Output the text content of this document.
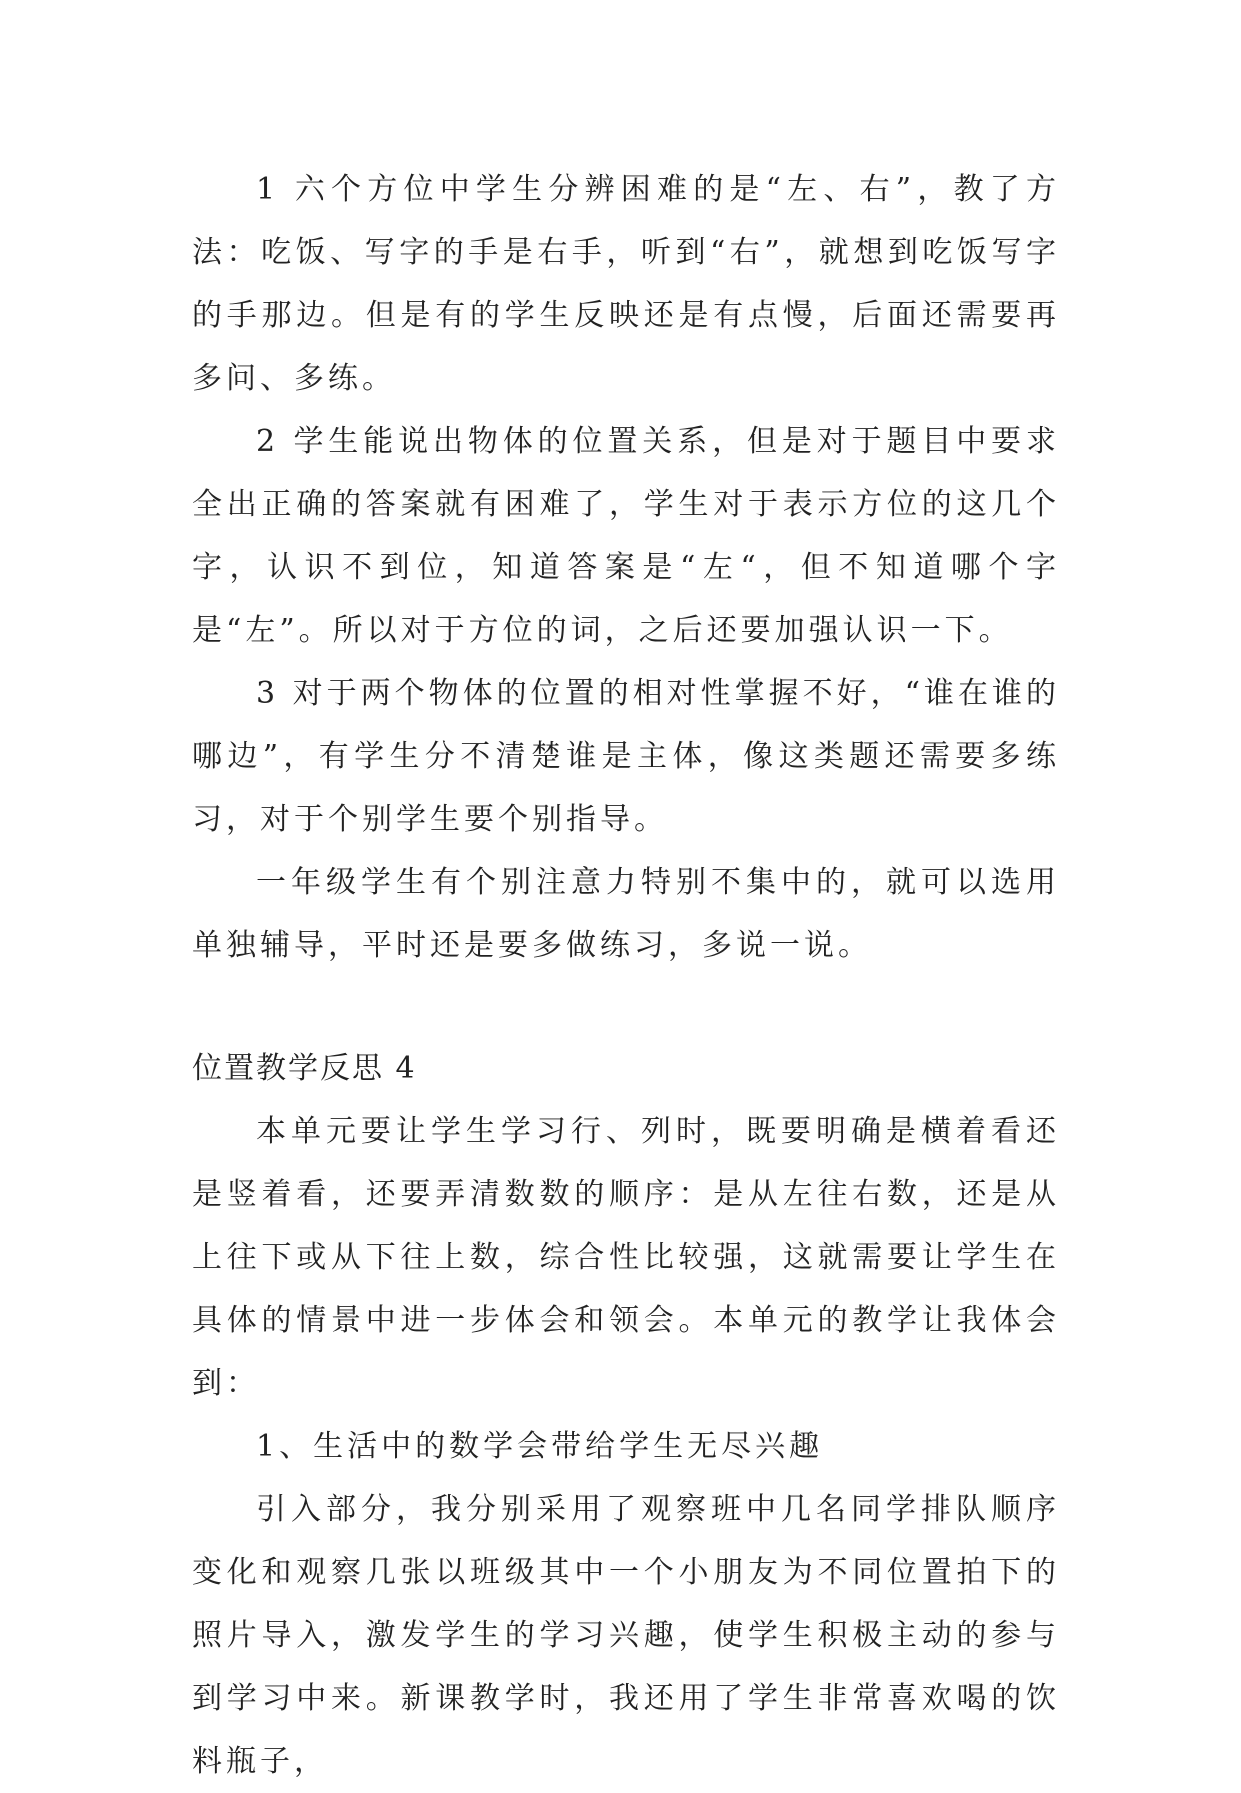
1 六个方位中学生分辨困难的是“左、右”，教了方法：吃饭、写字的手是右手，听到“右”，就想到吃饭写字的手那边。但是有的学生反映还是有点慢，后面还需要再多问、多练。

2 学生能说出物体的位置关系，但是对于题目中要求全出正确的答案就有困难了，学生对于表示方位的这几个字，认识不到位，知道答案是“左“，但不知道哪个字是“左”。所以对于方位的词，之后还要加强认识一下。

3 对于两个物体的位置的相对性掌握不好，“谁在谁的哪边”，有学生分不清楚谁是主体，像这类题还需要多练习，对于个别学生要个别指导。

一年级学生有个别注意力特别不集中的，就可以选用单独辅导，平时还是要多做练习，多说一说。

位置教学反思 4

本单元要让学生学习行、列时，既要明确是横着看还是竖着看，还要弄清数数的顺序：是从左往右数，还是从上往下或从下往上数，综合性比较强，这就需要让学生在具体的情景中进一步体会和领会。本单元的教学让我体会到：

1、生活中的数学会带给学生无尽兴趣

引入部分，我分别采用了观察班中几名同学排队顺序变化和观察几张以班级其中一个小朋友为不同位置拍下的照片导入，激发学生的学习兴趣，使学生积极主动的参与到学习中来。新课教学时，我还用了学生非常喜欢喝的饮料瓶子，
